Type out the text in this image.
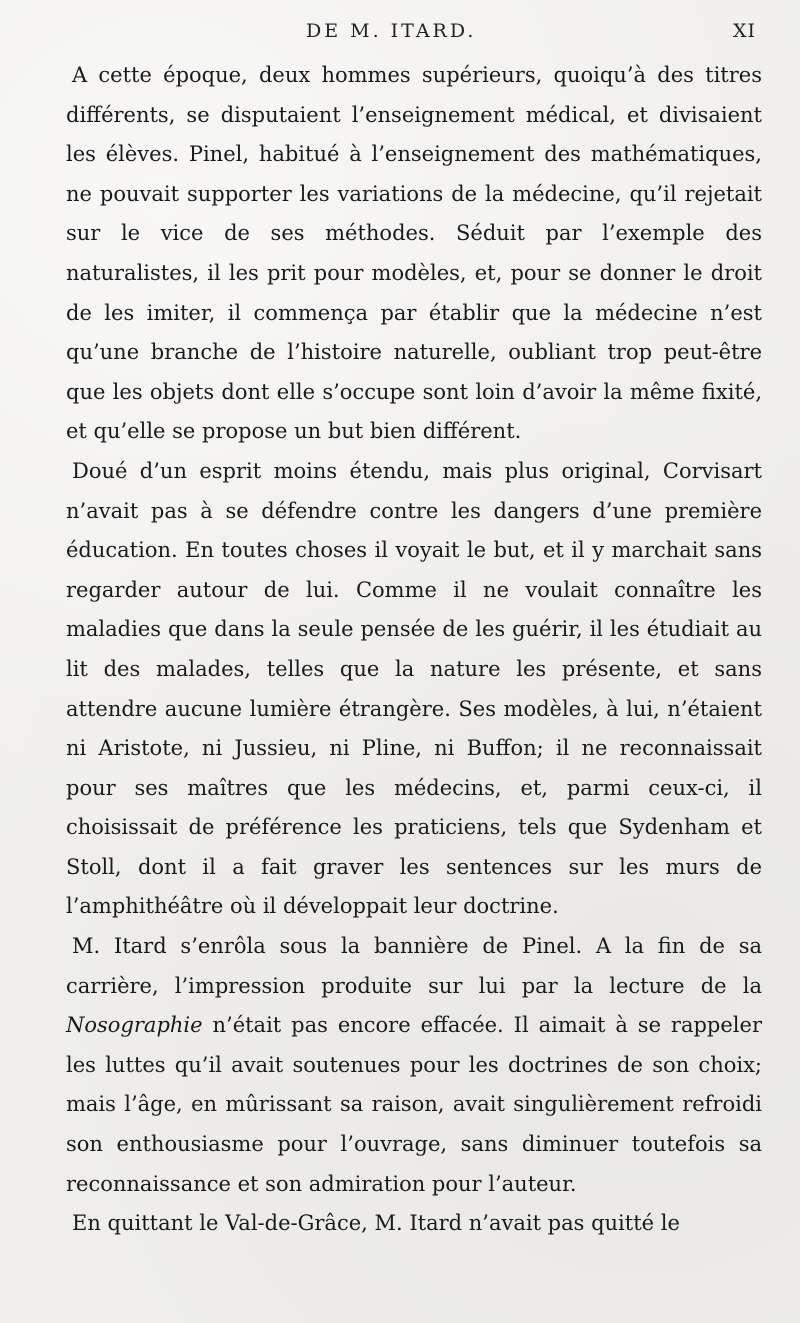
DE M. ITARD.	XI

A cette époque, deux hommes supérieurs, quoiqu’à des titres différents, se disputaient l’enseignement médical, et divisaient les élèves. Pinel, habitué à l’enseignement des mathématiques, ne pouvait supporter les variations de la médecine, qu’il rejetait sur le vice de ses méthodes. Séduit par l’exemple des naturalistes, il les prit pour modèles, et, pour se donner le droit de les imiter, il commença par établir que la médecine n’est qu’une branche de l’histoire naturelle, oubliant trop peut-être que les objets dont elle s’occupe sont loin d’avoir la même fixité, et qu’elle se propose un but bien différent.

Doué d’un esprit moins étendu, mais plus original, Corvisart n’avait pas à se défendre contre les dangers d’une première éducation. En toutes choses il voyait le but, et il y marchait sans regarder autour de lui. Comme il ne voulait connaître les maladies que dans la seule pensée de les guérir, il les étudiait au lit des malades, telles que la nature les présente, et sans attendre aucune lumière étrangère. Ses modèles, à lui, n’étaient ni Aristote, ni Jussieu, ni Pline, ni Buffon; il ne reconnaissait pour ses maîtres que les médecins, et, parmi ceux-ci, il choisissait de préférence les praticiens, tels que Sydenham et Stoll, dont il a fait graver les sentences sur les murs de l’amphithéâtre où il développait leur doctrine.

M. Itard s’enrôla sous la bannière de Pinel. A la fin de sa carrière, l’impression produite sur lui par la lecture de la Nosographie n’était pas encore effacée. Il aimait à se rappeler les luttes qu’il avait soutenues pour les doctrines de son choix; mais l’âge, en mûrissant sa raison, avait singulièrement refroidi son enthousiasme pour l’ouvrage, sans diminuer toutefois sa reconnaissance et son admiration pour l’auteur.

En quittant le Val-de-Grâce, M. Itard n’avait pas quitté le
